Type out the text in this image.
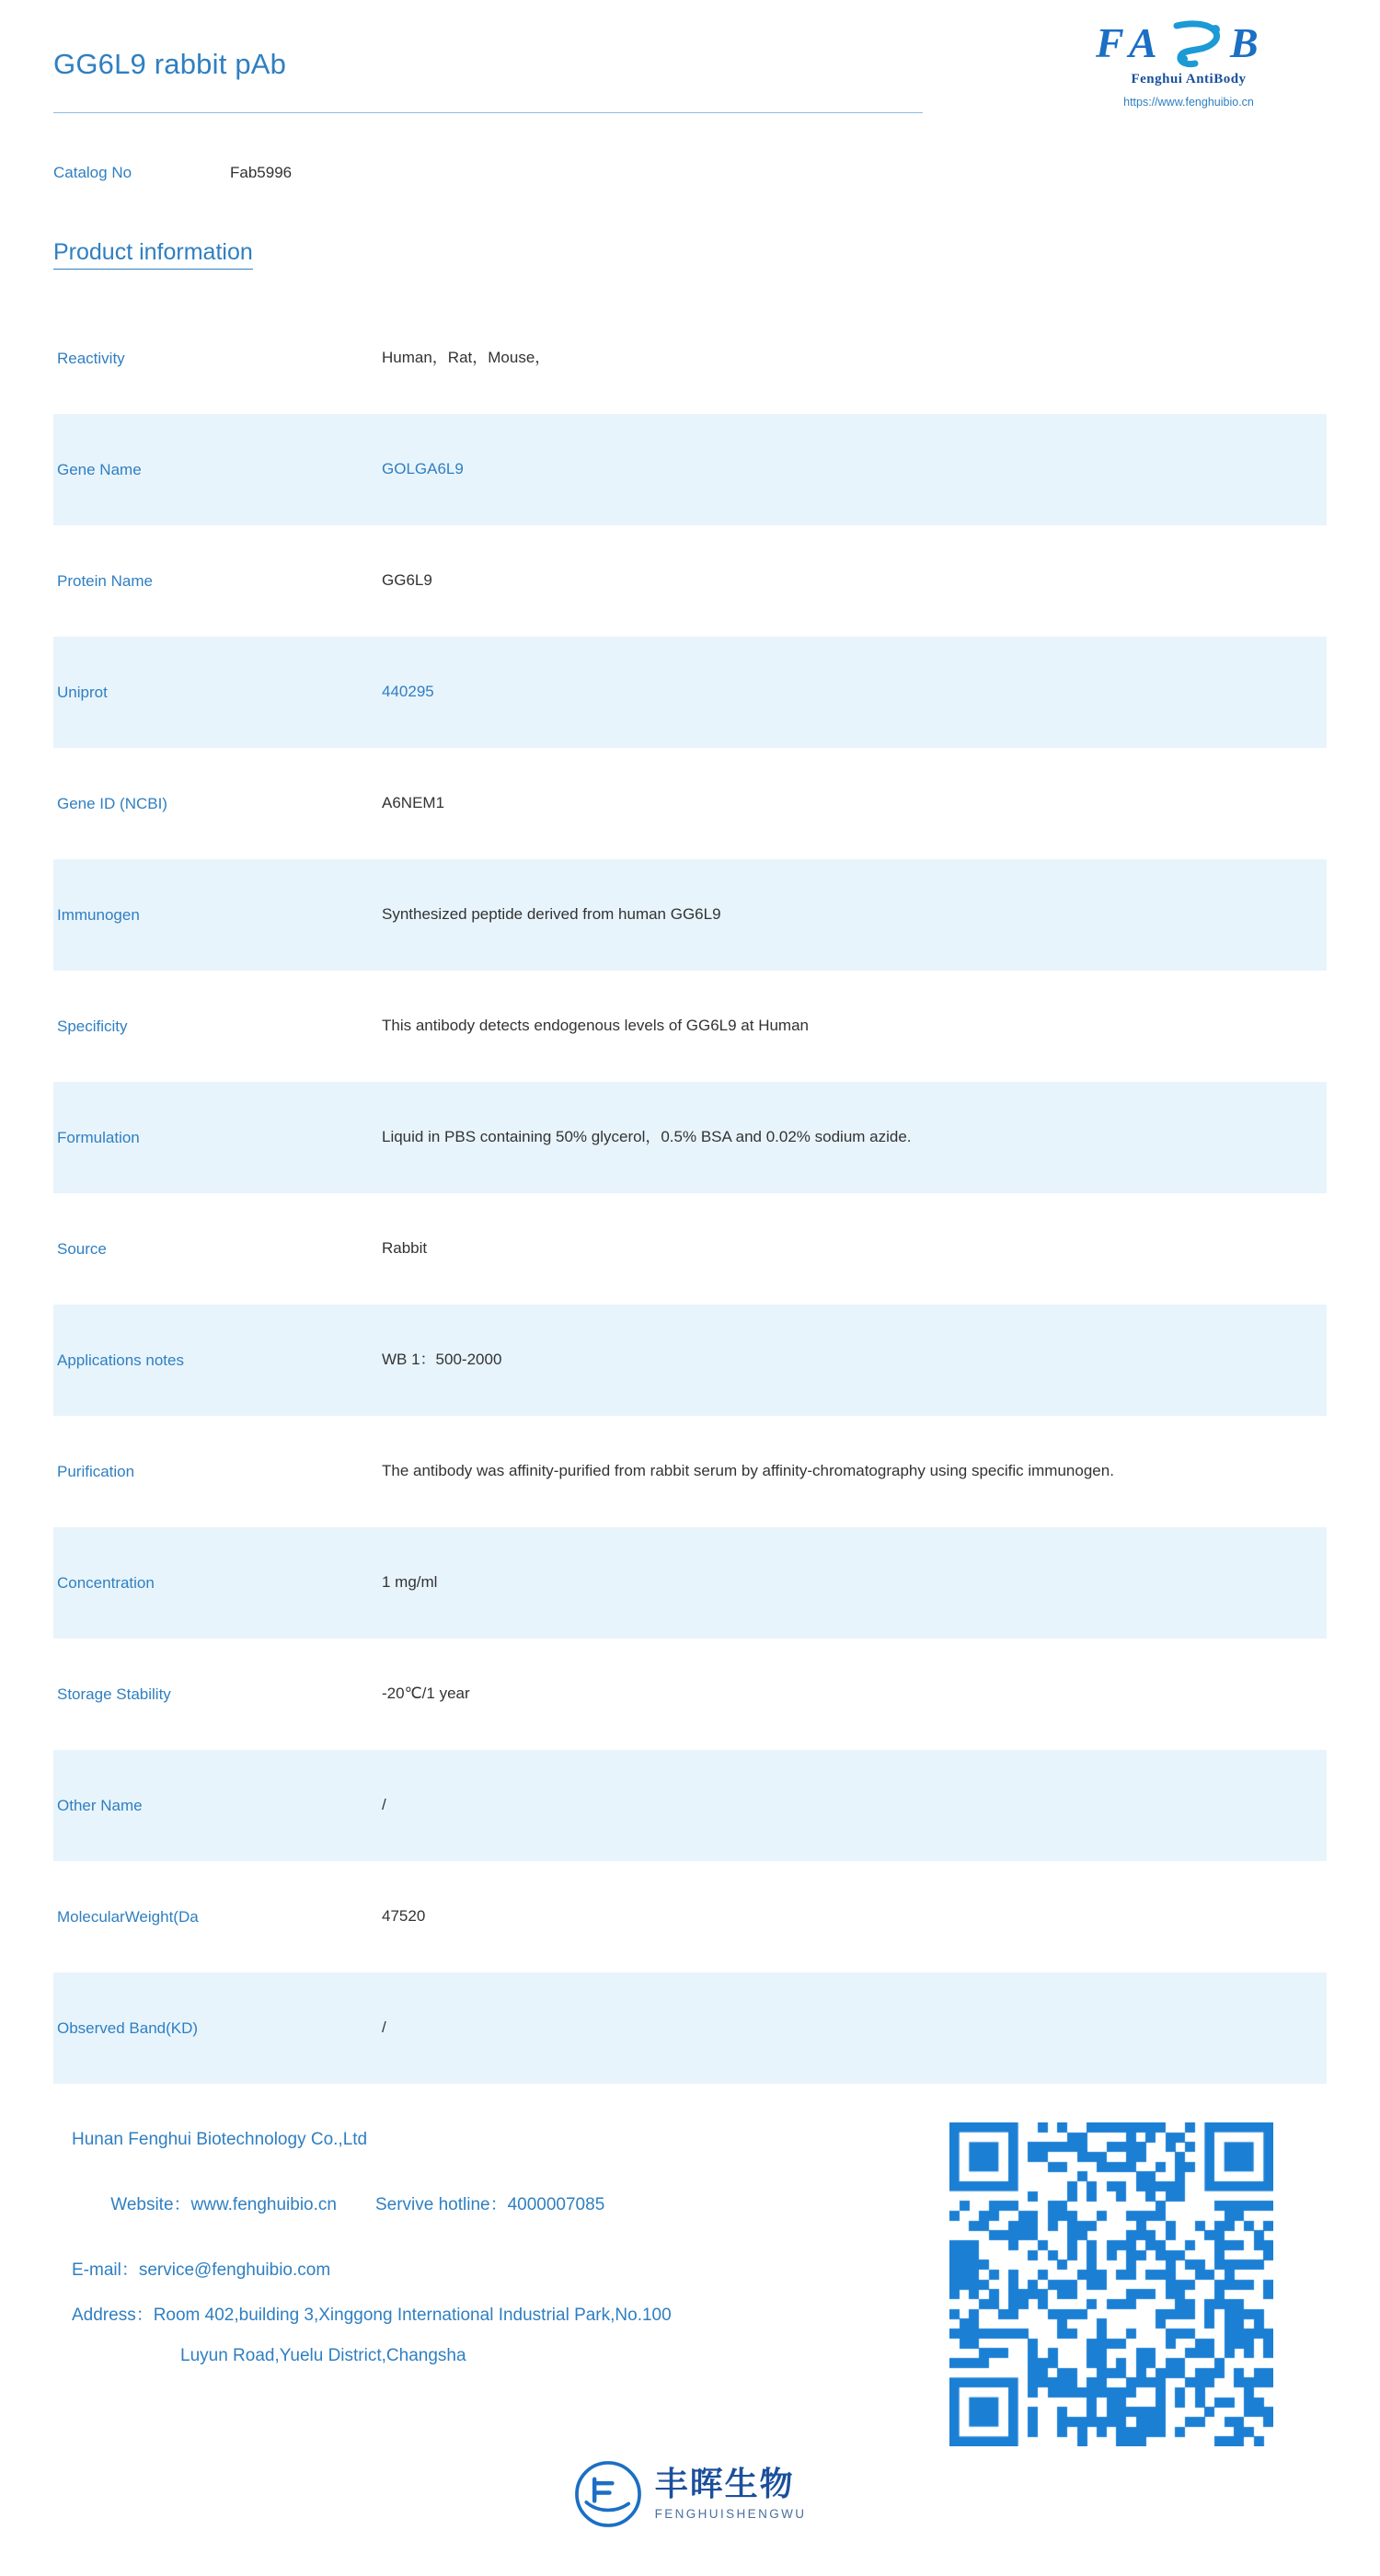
GG6L9 rabbit pAb	F A B
Fenghui AntiBody
https://www.fenghuibio.cn
Catalog No	Fab5996
Product information
Reactivity	Human，Rat，Mouse，
Gene Name	GOLGA6L9
Protein Name	GG6L9
Uniprot	440295
Gene ID (NCBI)	A6NEM1
Immunogen	Synthesized peptide derived from human GG6L9
Specificity	This antibody detects endogenous levels of GG6L9 at Human
Formulation	Liquid in PBS containing 50% glycerol，0.5% BSA and 0.02% sodium azide.
Source	Rabbit
Applications notes	WB 1：500-2000
Purification	The antibody was affinity-purified from rabbit serum by affinity-chromatography using specific immunogen.
Concentration	1 mg/ml
Storage Stability	-20℃/1 year
Other Name	/
MolecularWeight(Da	47520
Observed Band(KD)	/
Hunan Fenghui Biotechnology Co.,Ltd

Website：www.fenghuibio.cn Servive hotline：4000007085

E-mail：service@fenghuibio.com
Address：Room 402,building 3,Xinggong International Industrial Park,No.100
Luyun Road,Yuelu District,Changsha
丰晖生物
FENGHUISHENGWU
